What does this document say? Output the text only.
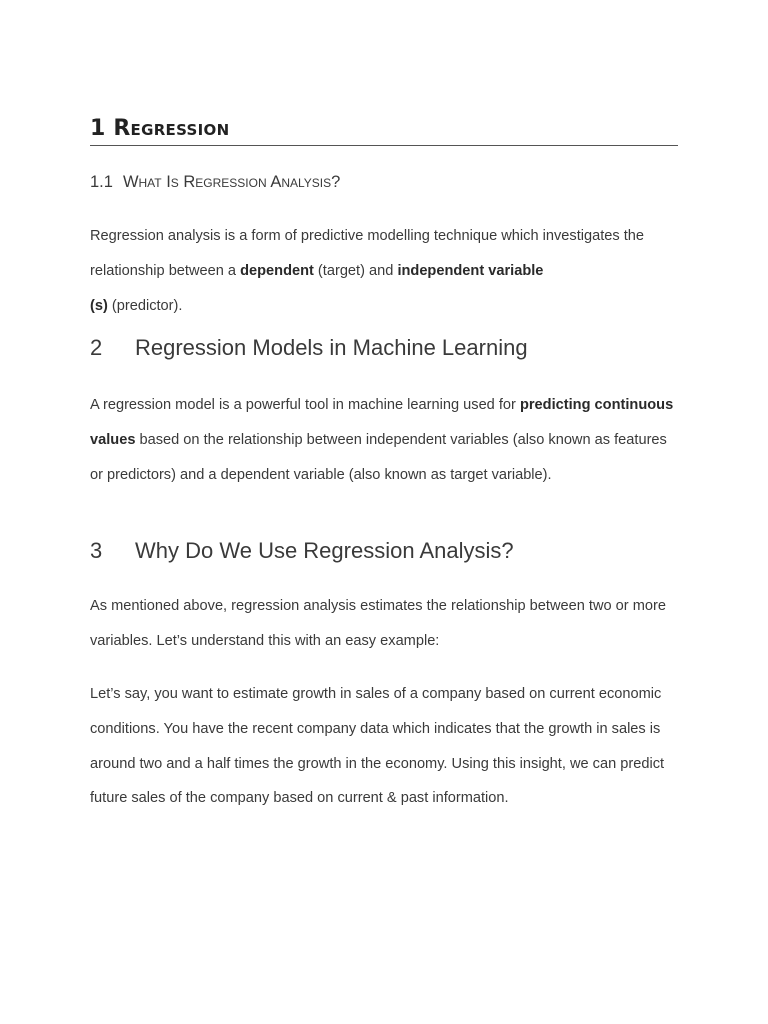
1 Regression
1.1 What Is Regression Analysis?
Regression analysis is a form of predictive modelling technique which investigates the relationship between a dependent (target) and independent variable
(s) (predictor).
2 Regression Models in Machine Learning
A regression model is a powerful tool in machine learning used for predicting continuous values based on the relationship between independent variables (also known as features or predictors) and a dependent variable (also known as target variable).
3 Why Do We Use Regression Analysis?
As mentioned above, regression analysis estimates the relationship between two or more variables. Let’s understand this with an easy example:
Let’s say, you want to estimate growth in sales of a company based on current economic conditions. You have the recent company data which indicates that the growth in sales is around two and a half times the growth in the economy. Using this insight, we can predict future sales of the company based on current & past information.
